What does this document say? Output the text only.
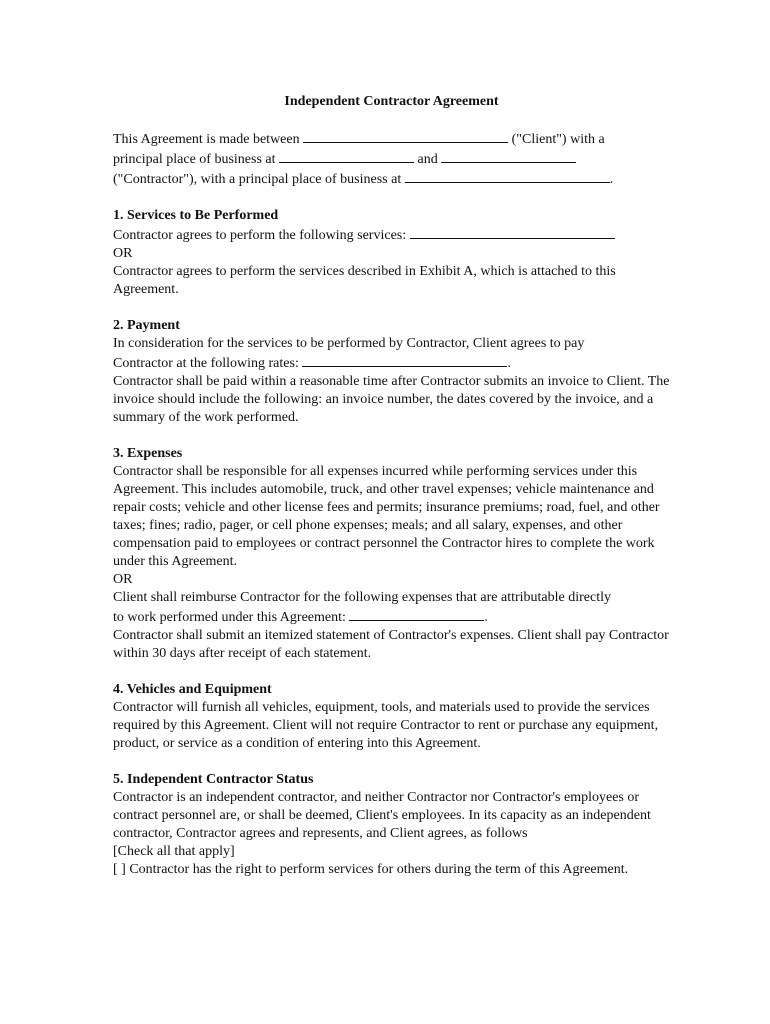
Independent Contractor Agreement

This Agreement is made between	("Client") with a

principal place of business at	and

("Contractor"), with a principal place of business at	.

1. Services to Be Performed

Contractor agrees to perform the following services:

OR

Contractor agrees to perform the services described in Exhibit A, which is attached to this Agreement.

2. Payment

In consideration for the services to be performed by Contractor, Client agrees to pay

Contractor at the following rates:	.

Contractor shall be paid within a reasonable time after Contractor submits an invoice to Client. The invoice should include the following: an invoice number, the dates covered by the invoice, and a summary of the work performed.

3. Expenses

Contractor shall be responsible for all expenses incurred while performing services under this Agreement. This includes automobile, truck, and other travel expenses; vehicle maintenance and repair costs; vehicle and other license fees and permits; insurance premiums; road, fuel, and other taxes; fines; radio, pager, or cell phone expenses; meals; and all salary, expenses, and other compensation paid to employees or contract personnel the Contractor hires to complete the work under this Agreement.

OR

Client shall reimburse Contractor for the following expenses that are attributable directly

to work performed under this Agreement:	.

Contractor shall submit an itemized statement of Contractor's expenses. Client shall pay Contractor within 30 days after receipt of each statement.

4. Vehicles and Equipment

Contractor will furnish all vehicles, equipment, tools, and materials used to provide the services required by this Agreement. Client will not require Contractor to rent or purchase any equipment, product, or service as a condition of entering into this Agreement.

5. Independent Contractor Status

Contractor is an independent contractor, and neither Contractor nor Contractor's employees or contract personnel are, or shall be deemed, Client's employees. In its capacity as an independent contractor, Contractor agrees and represents, and Client agrees, as follows

[Check all that apply]

[ ] Contractor has the right to perform services for others during the term of this Agreement.
